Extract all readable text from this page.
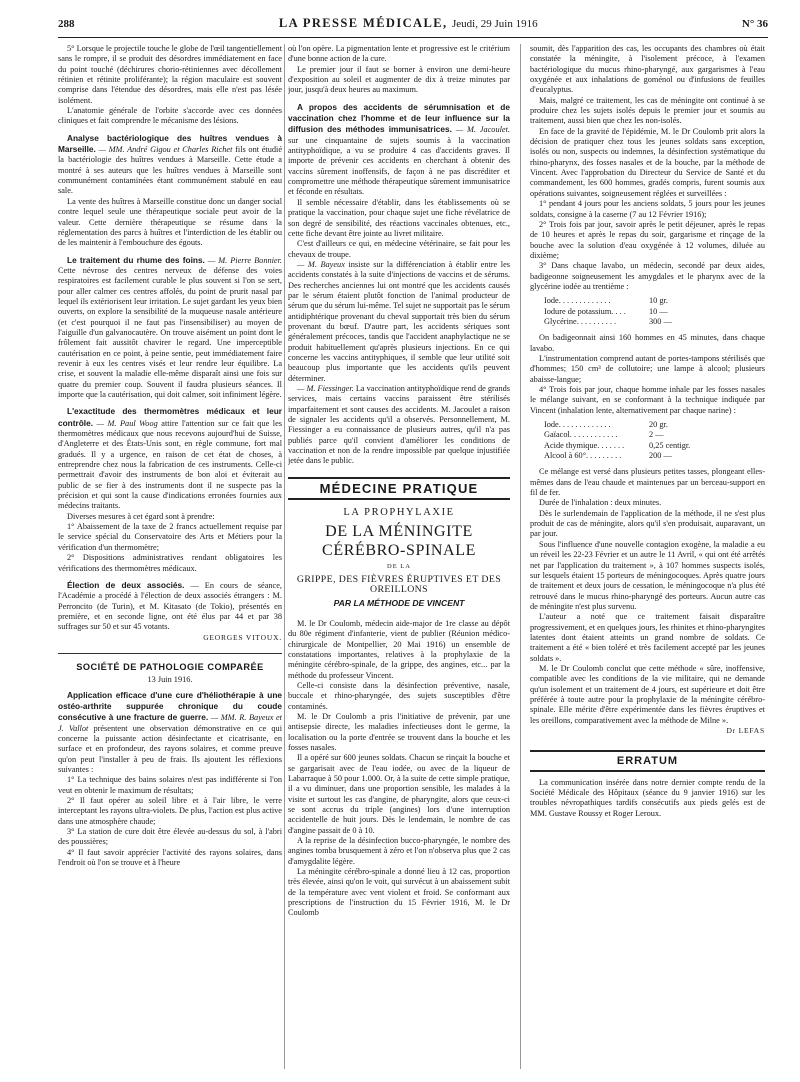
288	LA PRESSE MÉDICALE, Jeudi, 29 Juin 1916	N° 36

5° Lorsque le projectile touche le globe de l'œil tangentiellement sans le rompre, il se produit des désordres immédiatement en face du point touché (déchirures chorio-rétiniennes avec décollement rétinien et rétinite proliférante); la région maculaire est souvent comprise dans l'étendue des désordres, mais elle n'est pas lésée isolément.

L'anatomie générale de l'orbite s'accorde avec ces données cliniques et fait comprendre le mécanisme des lésions.

Analyse bactériologique des huîtres vendues à Marseille. — MM. André Gigou et Charles Richet fils ont étudié la bactériologie des huîtres vendues à Marseille. Cette étude a montré à ses auteurs que les huîtres vendues à Marseille sont communément contaminées étant communément stabulé en eau sale.

La vente des huîtres à Marseille constitue donc un danger social contre lequel seule une thérapeutique sociale peut avoir de la valeur. Cette dernière thérapeutique se résume dans la réglementation des parcs à huîtres et l'interdiction de les établir ou de les maintenir à l'embouchure des égouts.

Le traitement du rhume des foins. — M. Pierre Bonnier. Cette névrose des centres nerveux de défense des voies respiratoires est facilement curable le plus souvent si l'on se sert, pour aller calmer ces centres affolés, du point de prurit nasal par lequel ils extériorisent leur irritation. Le sujet gardant les yeux bien ouverts, on explore la sensibilité de la muqueuse nasale antérieure (et c'est pourquoi il ne faut pas l'insensibiliser) au moyen de l'aiguille d'un galvanocautère. On trouve aisément un point dont le frôlement fait aussitôt chavirer le regard. Une imperceptible cautérisation en ce point, à peine sentie, peut immédiatement faire revenir à eux les centres visés et leur rendre leur équilibre. La crise, et souvent la maladie elle-même disparaît ainsi une fois sur quatre du premier coup. Souvent il faudra plusieurs séances. Il importe que la cautérisation, qui doit calmer, soit infiniment légère.

L'exactitude des thermomètres médicaux et leur contrôle. — M. Paul Woog attire l'attention sur ce fait que les thermomètres médicaux que nous recevons aujourd'hui de Suisse, d'Angleterre et des États-Unis sont, en règle commune, fort mal gradués. Il y a urgence, en raison de cet état de choses, à entreprendre chez nous la fabrication de ces instruments. Celle-ci permettrait d'avoir des instruments de bon aloi et éviterait au public de se fier à des instruments dont il ne suspecte pas la précision et qui sont la cause d'indications erronées fournies aux médecins traitants.

Diverses mesures à cet égard sont à prendre:

1° Abaissement de la taxe de 2 francs actuellement requise par le service spécial du Conservatoire des Arts et Métiers pour la vérification d'un thermomètre;

2° Dispositions administratives rendant obligatoires les vérifications des thermomètres médicaux.

Élection de deux associés. — En cours de séance, l'Académie a procédé à l'élection de deux associés étrangers : M. Perroncito (de Turin), et M. Kitasato (de Tokio), présentés en première, et en seconde ligne, ont été élus par 44 et par 38 suffrages sur 50 et sur 45 votants.

GEORGES VITOUX.
SOCIÉTÉ DE PATHOLOGIE COMPARÉE
13 Juin 1916.

Application efficace d'une cure d'héliothérapie à une ostéo-arthrite suppurée chronique du coude consécutive à une fracture de guerre. — MM. R. Bayeux et J. Vallot présentent une observation démonstrative en ce qui concerne la puissante action désinfectante et cicatrisante, en surface et en profondeur, des rayons solaires, et comme preuve qu'on peut l'installer à peu de frais. Ils ajoutent les réflexions suivantes :

1° La technique des bains solaires n'est pas indifférente si l'on veut en obtenir le maximum de résultats;

2° Il faut opérer au soleil libre et à l'air libre, le verre interceptant les rayons ultra-violets. De plus, l'action est plus active dans une atmosphère chaude;

3° La station de cure doit être élevée au-dessus du sol, à l'abri des poussières;

4° Il faut savoir apprécier l'activité des rayons solaires, dans l'endroit où l'on se trouve et à l'heure

où l'on opère. La pigmentation lente et progressive est le critérium d'une bonne action de la cure.

Le premier jour il faut se borner à environ une demi-heure d'exposition au soleil et augmenter de dix à treize minutes par jour, jusqu'à deux heures au maximum.

A propos des accidents de sérumnisation et de vaccination chez l'homme et de leur influence sur la diffusion des méthodes immunisatrices. — M. Jacoulet. sur une cinquantaine de sujets soumis à la vaccination antityphoïdique, a vu se produire 4 cas d'accidents graves. Il importe de prévenir ces accidents en cherchant à obtenir des vaccins sûrement inoffensifs, de façon à ne pas discréditer et compromettre une méthode thérapeutique sûrement immunisatrice et féconde en résultats.

Il semble nécessaire d'établir, dans les établissements où se pratique la vaccination, pour chaque sujet une fiche révélatrice de son degré de sensibilité, des réactions vaccinales obtenues, etc., cette fiche devant être jointe au livret militaire.

C'est d'ailleurs ce qui, en médecine vétérinaire, se fait pour les chevaux de troupe.

— M. Bayeux insiste sur la différenciation à établir entre les accidents constatés à la suite d'injections de vaccins et de sérums. Des recherches anciennes lui ont montré que les accidents causés par le sérum étaient plutôt fonction de l'animal producteur de sérum que du sérum lui-même. Tel sujet ne supportait pas le sérum antidiphtérique provenant du cheval supportait très bien du sérum provenant du bœuf. D'autre part, les accidents sériques sont généralement précoces, tandis que l'accident anaphylactique ne se produit habituellement qu'après plusieurs injections. En ce qui concerne les vaccins antityphiques, il semble que leur utilité soit beaucoup plus importante que les accidents qu'ils peuvent déterminer.

— M. Fiessinger. La vaccination antityphoïdique rend de grands services, mais certains vaccins paraissent être stérilisés imparfaitement et sont causes des accidents. M. Jacoulet a raison de signaler les accidents qu'il a observés. Personnellement, M. Fiessinger a eu connaissance de plusieurs autres, qu'il n'a pas publiés parce qu'il convient d'améliorer les conditions de vaccination et non de la rendre impossible par quelque injustifiée jetée dans le public.

MÉDECINE PRATIQUE
LA PROPHYLAXIE
DE LA MÉNINGITE CÉRÉBRO-SPINALE
DE LA
GRIPPE, DES FIÈVRES ÉRUPTIVES ET DES OREILLONS
PAR LA MÉTHODE DE VINCENT

M. le Dr Coulomb, médecin aide-major de 1re classe au dépôt du 80e régiment d'infanterie, vient de publier (Réunion médico-chirurgicale de Montpellier, 20 Mai 1916) un ensemble de constatations importantes, relatives à la prophylaxie de la méningite cérébro-spinale, de la grippe, des angines, etc... par la méthode du professeur Vincent.

Celle-ci consiste dans la désinfection préventive, nasale, buccale et rhino-pharyngée, des sujets susceptibles d'être contaminés.

M. le Dr Coulomb a pris l'initiative de prévenir, par une antisepsie directe, les maladies infectieuses dont le germe, la localisation ou la porte d'entrée se trouvent dans la bouche et les fosses nasales.

Il a opéré sur 600 jeunes soldats. Chacun se rinçait la bouche et se gargarisait avec de l'eau iodée, ou avec de la liqueur de Labarraque à 50 pour 1.000. Or, à la suite de cette simple pratique, il a vu diminuer, dans une proportion sensible, les malades à la visite et surtout les cas d'angine, de pharyngite, alors que ceux-ci se sont accrus du triple (angines) lors d'une interruption accidentelle de huit jours. Dès le lendemain, le nombre de cas d'angine passait de 0 à 10.

A la reprise de la désinfection bucco-pharyngée, le nombre des angines tomba brusquement à zéro et l'on n'observa plus que 2 cas d'amygdalite légère.

La méningite cérébro-spinale a donné lieu à 12 cas, proportion très élevée, ainsi qu'on le voit, qui survécut à un abaissement subit de la température avec vent violent et froid. Se conformant aux prescriptions de l'instruction du 15 Février 1916, M. le Dr Coulomb

soumit, dès l'apparition des cas, les occupants des chambres où était constatée la méningite, à l'isolement précoce, à l'examen bactériologique du mucus rhino-pharyngé, aux gargarismes à l'eau oxygénée et aux inhalations de goménol ou d'infusions de feuilles d'eucalyptus.

Mais, malgré ce traitement, les cas de méningite ont continué à se produire chez les sujets isolés depuis le premier jour et soumis au traitement, aussi bien que chez les non-isolés.

En face de la gravité de l'épidémie, M. le Dr Coulomb prit alors la décision de pratiquer chez tous les jeunes soldats sans exception, isolés ou non, suspects ou indemnes, la désinfection systématique du rhino-pharynx, des fosses nasales et de la bouche, par la méthode de Vincent. Avec l'approbation du Directeur du Service de Santé et du commandement, les 600 hommes, gradés compris, furent soumis aux opérations suivantes, soigneusement réglées et surveillées :

1° pendant 4 jours pour les anciens soldats, 5 jours pour les jeunes soldats, consigne à la caserne (7 au 12 Février 1916);

2° Trois fois par jour, savoir après le petit déjeuner, après le repas de 10 heures et après le repas du soir, gargarisme et rinçage de la bouche avec la solution d'eau oxygénée à 12 volumes, diluée au dixième;

3° Dans chaque lavabo, un médecin, secondé par deux aides, badigeonne soigneusement les amygdales et le pharynx avec de la glycérine iodée au trentième :

Iode. . . . . . . . . . . . .	10 gr.
Iodure de potassium. . . .	10 —
Glycérine. . . . . . . . . .	300 —

On badigeonnait ainsi 160 hommes en 45 minutes, dans chaque lavabo.

L'instrumentation comprend autant de portes-tampons stérilisés que d'hommes; 150 cm³ de collutoire; une lampe à alcool; plusieurs abaisse-langue;

4° Trois fois par jour, chaque homme inhale par les fosses nasales le mélange suivant, en se conformant à la technique indiquée par Vincent (inhalation lente, alternativement par chaque narine) :

Iode. . . . . . . . . . . . .	20 gr.
Gaïacol. . . . . . . . . . . .	2 —
Acide thymique. . . . . . .	0,25 centigr.
Alcool à 60°. . . . . . . . .	200 —

Ce mélange est versé dans plusieurs petites tasses, plongeant elles-mêmes dans de l'eau chaude et maintenues par un berceau-support en fil de fer.

Durée de l'inhalation : deux minutes.

Dès le surlendemain de l'application de la méthode, il ne s'est plus produit de cas de méningite, alors qu'il s'en produisait, auparavant, un par jour.

Sous l'influence d'une nouvelle contagion exogène, la maladie a eu un réveil les 22-23 Février et un autre le 11 Avril, « qui ont été arrêtés net par l'application du traitement », à 107 hommes suspects isolés, sur lesquels étaient 15 porteurs de méningocoques. Après quatre jours de traitement et deux jours de cessation, le méningocoque n'a plus été retrouvé dans le mucus rhino-pharyngé des porteurs. Aucun autre cas de méningite n'est plus survenu.

L'auteur a noté que ce traitement faisait disparaître progressivement, et en quelques jours, les rhinites et rhino-pharyngites latentes dont étaient atteints un grand nombre de soldats. Ce traitement a été « bien toléré et très facilement accepté par les jeunes soldats ».

M. le Dr Coulomb conclut que cette méthode « sûre, inoffensive, compatible avec les conditions de la vie militaire, qui ne demande qu'un isolement et un traitement de 4 jours, est supérieure et doit être préférée à toute autre pour la prophylaxie de la méningite cérébro-spinale. Elle mérite d'être expérimentée dans les fièvres éruptives et les oreillons, comparativement avec la méthode de Milne ».

Dr LEFAS
ERRATUM

La communication insérée dans notre dernier compte rendu de la Société Médicale des Hôpitaux (séance du 9 janvier 1916) sur les troubles névropathiques tardifs consécutifs aux pieds gelés est de MM. Gustave Roussy et Roger Leroux.
